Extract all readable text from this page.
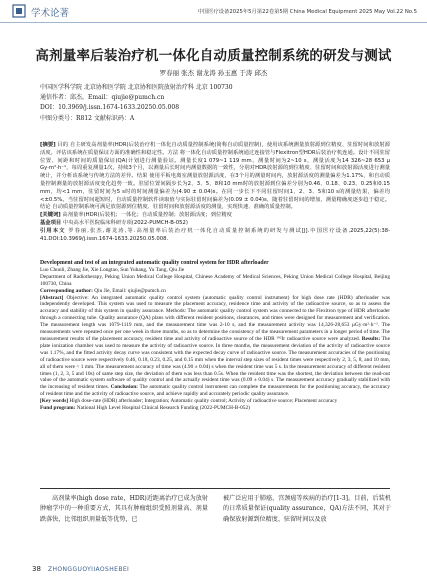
学术论著	中国医疗设备2025年5月第22卷第5期 China Medical Equipment 2025 May Vol.22 No.5
高剂量率后装治疗机一体化自动质量控制系统的研发与测试
罗春丽 张杰 谢龙涛 孙玉惠 于涛 邱杰
中国医学科学院 北京协和医学院 北京协和医院放射治疗科 北京 100730
通信作者：邱杰，Email：qiujie@pumch.cn
DOI：10.3969/j.issn.1674-1633.20250.05.008
中图分类号：R812 文献标识码：A

[摘要] 目的 自主研发高剂量率(HDR)后装治疗机一体化自动质量控制系统(简称自动质量控制)，使用该系统测量放射源到位精度、驻留时间和放射源活度，评估该系统在质量保证方面的准确性和稳定性。方法 将一体化自动质量控制系统通过连接管与Flexitron型HDR后装治疗机连通。设计不同驻留位置、间距和时间的质量保证(QA)计划进行测量验证。测量长度1 079~1 119 mm，测量时间为2~10 s，测量活度为14 326~28 653 μ Gy·m²·h⁻¹，每周重复测量1次，持续3个月，以测量后长时间内测量数据的一致性，分别对HDR放射源的到位精度、驻留时间和放射源活度进行测量统计，并分析该系统与传统方法的差异。结果 使用平板电离室测量放射源活度，在3个月的测量时间内，放射源活度的测量偏差为1.17%，和自动质量控制测量的放射源活度变化趋势一致。驻留位置间隔步长为2、3、5、8和10 mm时的放射源到位偏差分别为0.46、0.18、0.23、0.25和0.15 mm，均<1 mm，驻留时间为5 s时的时间测量偏差为(4.90 ± 0.04)s。在同一步长下不同驻留时间1、2、3、5和10 s的测量结果，偏差均<±0.5%。当驻留时间超短时，自动质量控制软件读取值与实际驻留时间偏差为(0.09 ± 0.04)s，随着驻留时间的增加，测量精确度逐步趋于稳定。结论 自动质量控制系统可满足放射源到位精度、驻留时间和放射源活度的测量，实现快速、准确的质量控制。

[关键词] 高剂量率(HDR)后装机；一体化；自动质量控制；放射源活度；到位精度

基金项目 中央高水平医院临床科研专项(2022-PUMCH-B-052)

引用本文 罗春丽,张杰,谢龙涛,等.高剂量率后装治疗机一体化自动质量控制系统的研发与测试[J].中国医疗设备,2025,22(5):38-41.DOI:10.3969/j.issn.1674-1633.20250.05.008.

Development and test of an integrated automatic quality control system for HDR afterloader

Luo Chunli, Zhang Jie, Xie Longtao, Sun Yuhang, Yu Tang, Qiu Jie

Department of Radiotherapy, Peking Union Medical College Hospital, Chinese Academy of Medical Sciences, Peking Union Medical College Hospital, Beijing 100730, China

Corresponding author: Qiu Jie, Email: qiujie@pumch.cn

[Abstract] Objective: An integrated automatic quality control system (automatic quality control instrument) for high dose rate (HDR) afterloader was independently developed. This system was used to measure the placement accuracy, residence time and activity of the radioactive source, so as to assess the accuracy and stability of this system in quality assurance. Methods: The automatic quality control system was connected to the Flexitron type of HDR afterloader through a connecting tube. Quality assurance (QA) plans with different resident positions, clearances, and times were designed for measurement and verification. The measurement length was 1079-1119 mm, and the measurement time was 2-10 s, and the measurement activity was 14,326-28,653 μGy·m²·h⁻¹. The measurements were repeated once per one week in three months, so as to determine the consistency of the measurement parameters in a longer period of time. The measurement results of the placement accuracy, resident time and activity of radioactive source of the HDR ¹⁹²Ir radioactive source were analyzed. Results: The plate ionization chamber was used to measure the activity of radioactive source. In three months, the measurement deviation of the activity of radioactive source was 1.17%, and the fitted activity decay curve was consistent with the expected decay curve of radioactive source. The measurement accuracies of the positioning of radioactive source were respectively 0.46, 0.18, 0.23, 0.25, and 0.15 mm when the interval step sizes of resident times were respectively 2, 3, 5, 8, and 10 mm, all of them were < 1 mm. The measurement accuracy of time was (4.90 ± 0.04) s when the resident time was 5 s. In the measurement accuracy of different resident times (1, 2, 3, 5 and 10s) of same step size, the deviation of them was less than 0.5s. When the resident time was the shortest, the deviation between the read-out value of the automatic system software of quality control and the actually resident time was (0.09 ± 0.04) s. The measurement accuracy gradually stabilized with the increasing of resident times. Conclusion: The automatic quality control instrument can complete the measurements for the positioning accuracy, the accuracy of resident time and the activity of radioactive source, and achieve rapidly and accurately periodic quality assurance.

[Key words] High dose-rate (HDR) afterloader; Integration; Automatic quality control; Activity of radioactive source; Placement accuracy

Fund program: National High Level Hospital Clinical Research Funding (2022-PUMCH-B-052)

高剂量率(high dose rate，HDR)近距离治疗已成为放射肿瘤学中的一种重要方式，其具有肿瘤组织受照剂量高、剂量跌落快，比邻组织剂量低等优势，已

被广泛应用于肺癌、宫颈癌等疾病的治疗[1-3]。目前，后装机的日常质量保证(quality assurance，QA)方法不同，其对于确保放射源到位精度、驻留时间以及放

38 ZHONGGUOYIIAOSHEBEI
